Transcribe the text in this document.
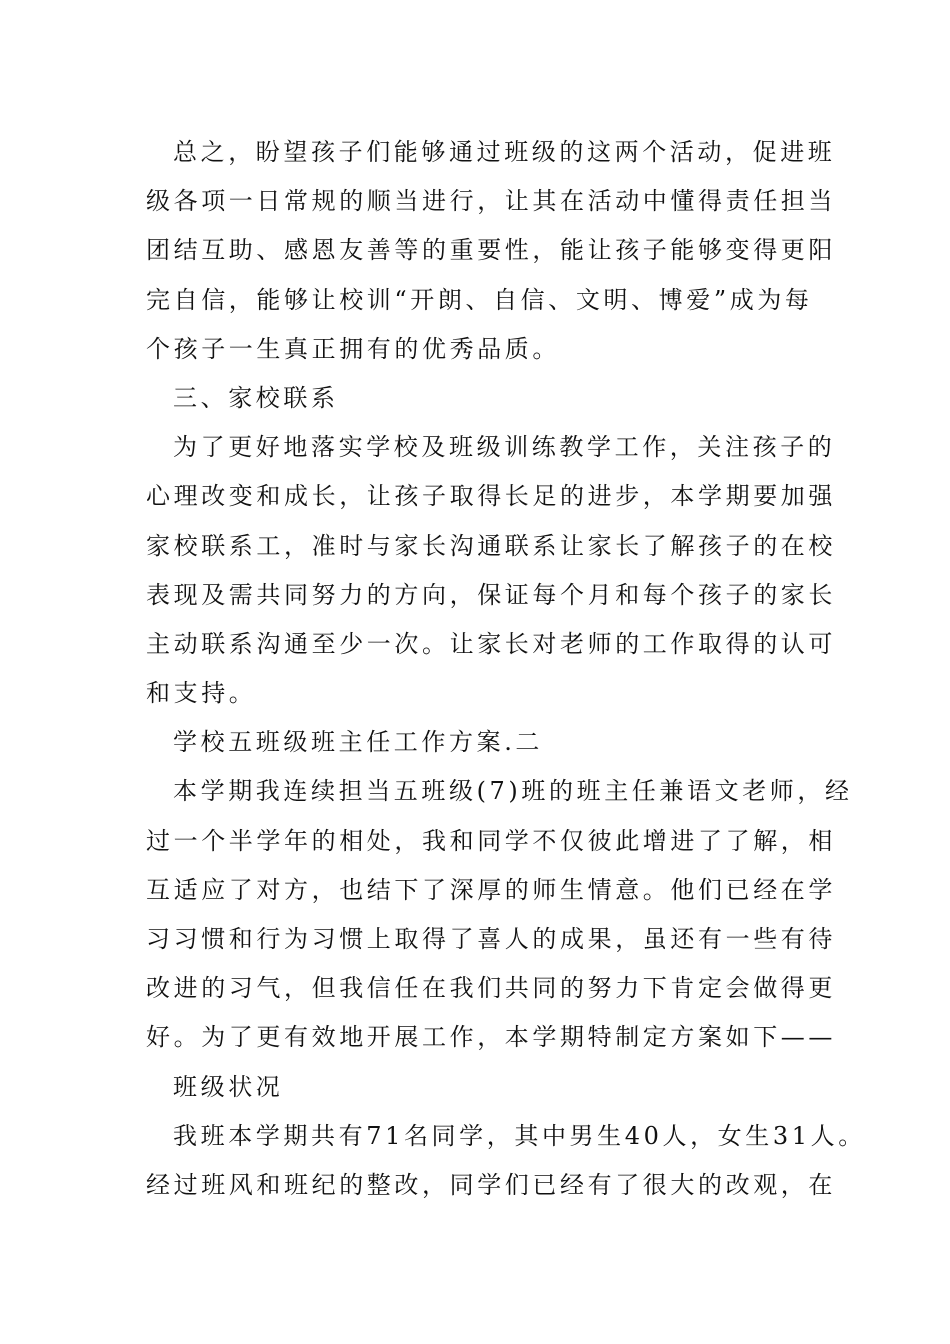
总之，盼望孩子们能够通过班级的这两个活动，促进班
级各项一日常规的顺当进行，让其在活动中懂得责任担当
团结互助、感恩友善等的重要性，能让孩子能够变得更阳
完自信，能够让校训“开朗、自信、文明、博爱”成为每
个孩子一生真正拥有的优秀品质。
三、家校联系
为了更好地落实学校及班级训练教学工作，关注孩子的
心理改变和成长，让孩子取得长足的进步，本学期要加强
家校联系工，准时与家长沟通联系让家长了解孩子的在校
表现及需共同努力的方向，保证每个月和每个孩子的家长
主动联系沟通至少一次。让家长对老师的工作取得的认可
和支持。
学校五班级班主任工作方案.二
本学期我连续担当五班级(7)班的班主任兼语文老师，经
过一个半学年的相处，我和同学不仅彼此增进了了解，相
互适应了对方，也结下了深厚的师生情意。他们已经在学
习习惯和行为习惯上取得了喜人的成果，虽还有一些有待
改进的习气，但我信任在我们共同的努力下肯定会做得更
好。为了更有效地开展工作，本学期特制定方案如下——
班级状况
我班本学期共有71名同学，其中男生40人，女生31人。
经过班风和班纪的整改，同学们已经有了很大的改观，在
